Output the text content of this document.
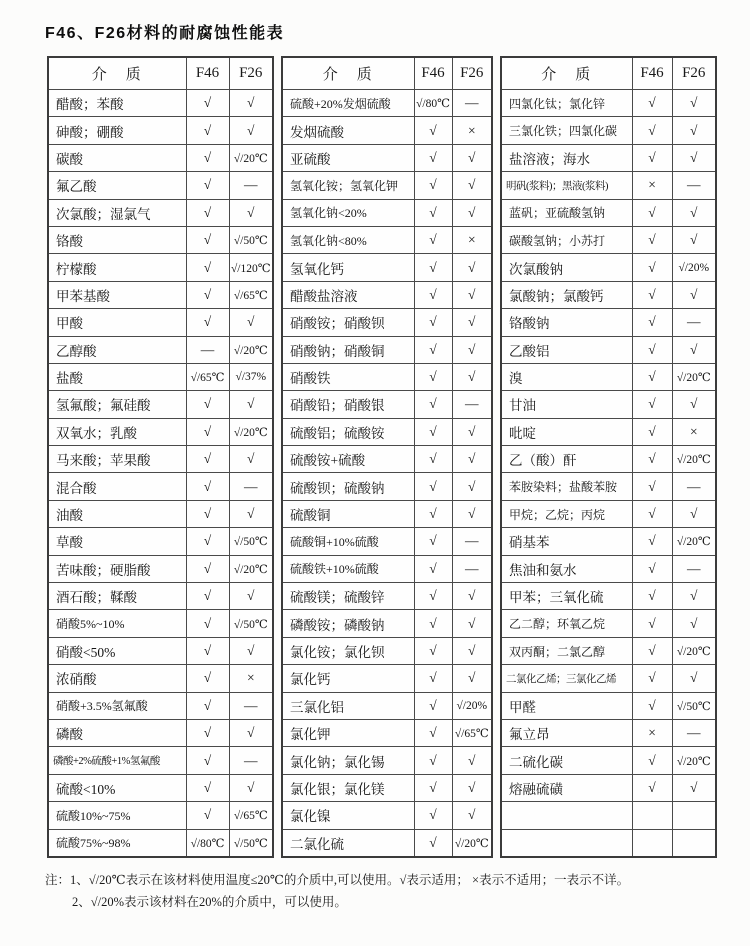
F46、F26材料的耐腐蚀性能表
介　质	F46	F26
醋酸；苯酸	√	√
砷酸；硼酸	√	√
碳酸	√	√/20℃
氟乙酸	√	—
次氯酸；湿氯气	√	√
铬酸	√	√/50℃
柠檬酸	√	√/120℃
甲苯基酸	√	√/65℃
甲酸	√	√
乙醇酸	—	√/20℃
盐酸	√/65℃	√/37%
氢氟酸；氟硅酸	√	√
双氧水；乳酸	√	√/20℃
马来酸；苹果酸	√	√
混合酸	√	—
油酸	√	√
草酸	√	√/50℃
苦味酸；硬脂酸	√	√/20℃
酒石酸；鞣酸	√	√
硝酸5%~10%	√	√/50℃
硝酸<50%	√	√
浓硝酸	√	×
硝酸+3.5%氢氟酸	√	—
磷酸	√	√
磷酸+2%硫酸+1%氢氟酸	√	—
硫酸<10%	√	√
硫酸10%~75%	√	√/65℃
硫酸75%~98%	√/80℃	√/50℃
介　质	F46	F26
硫酸+20%发烟硫酸	√/80℃	—
发烟硫酸	√	×
亚硫酸	√	√
氢氧化铵；氢氧化钾	√	√
氢氧化钠<20%	√	√
氢氧化钠<80%	√	×
氢氧化钙	√	√
醋酸盐溶液	√	√
硝酸铵；硝酸钡	√	√
硝酸钠；硝酸铜	√	√
硝酸铁	√	√
硝酸铅；硝酸银	√	—
硫酸铝；硫酸铵	√	√
硫酸铵+硫酸	√	√
硫酸钡；硫酸钠	√	√
硫酸铜	√	√
硫酸铜+10%硫酸	√	—
硫酸铁+10%硫酸	√	—
硫酸镁；硫酸锌	√	√
磷酸铵；磷酸钠	√	√
氯化铵；氯化钡	√	√
氯化钙	√	√
三氯化铝	√	√/20%
氯化钾	√	√/65℃
氯化钠；氯化锡	√	√
氯化银；氯化镁	√	√
氯化镍	√	√
二氯化硫	√	√/20℃
介　质	F46	F26
四氯化钛；氯化锌	√	√
三氯化铁；四氯化碳	√	√
盐溶液；海水	√	√
明矾(浆料)；黑液(浆料)	×	—
蓝矾；亚硫酸氢钠	√	√
碳酸氢钠；小苏打	√	√
次氯酸钠	√	√/20%
氯酸钠；氯酸钙	√	√
铬酸钠	√	—
乙酸铝	√	√
溴	√	√/20℃
甘油	√	√
吡啶	√	×
乙（酸）酐	√	√/20℃
苯胺染料；盐酸苯胺	√	—
甲烷；乙烷；丙烷	√	√
硝基苯	√	√/20℃
焦油和氨水	√	—
甲苯；三氧化硫	√	√
乙二醇；环氧乙烷	√	√
双丙酮；二氯乙醇	√	√/20℃
二氯化乙烯；三氯化乙烯	√	√
甲醛	√	√/50℃
氟立昂	×	—
二硫化碳	√	√/20℃
熔融硫磺	√	√

注：1、√/20℃表示在该材料使用温度≤20℃的介质中,可以使用。√表示适用； ×表示不适用；一表示不详。
2、√/20%表示该材料在20%的介质中，可以使用。
